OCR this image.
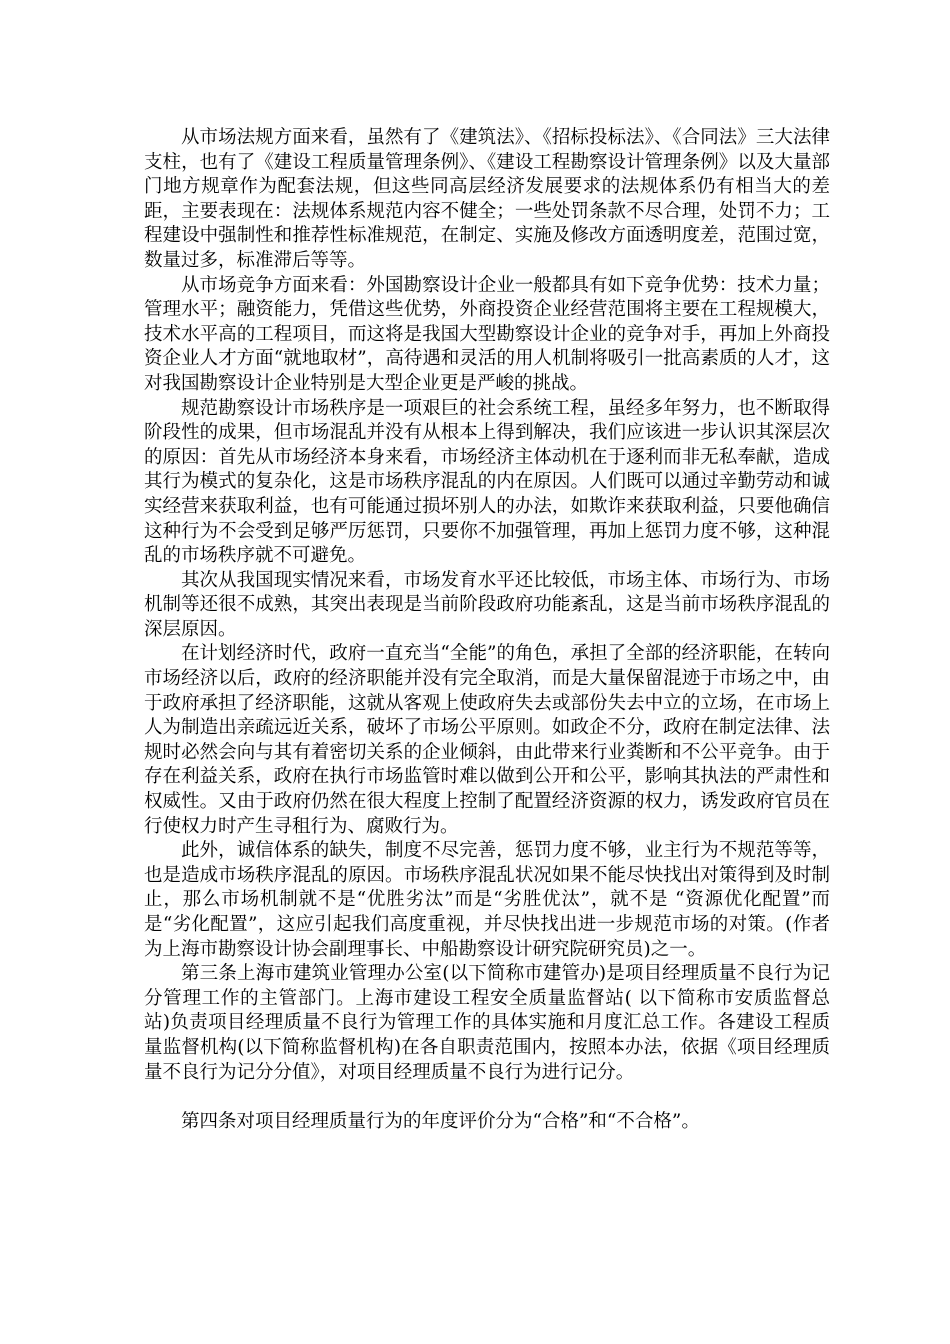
从市场法规方面来看，虽然有了《建筑法》、《招标投标法》、《合同法》三大法律支柱，也有了《建设工程质量管理条例》、《建设工程勘察设计管理条例》以及大量部门地方规章作为配套法规，但这些同高层经济发展要求的法规体系仍有相当大的差距，主要表现在：法规体系规范内容不健全；一些处罚条款不尽合理，处罚不力；工程建设中强制性和推荐性标准规范，在制定、实施及修改方面透明度差，范围过宽，数量过多，标准滞后等等。

从市场竞争方面来看：外国勘察设计企业一般都具有如下竞争优势：技术力量；管理水平；融资能力，凭借这些优势，外商投资企业经营范围将主要在工程规模大，技术水平高的工程项目，而这将是我国大型勘察设计企业的竞争对手，再加上外商投资企业人才方面“就地取材”，高待遇和灵活的用人机制将吸引一批高素质的人才，这对我国勘察设计企业特别是大型企业更是严峻的挑战。

规范勘察设计市场秩序是一项艰巨的社会系统工程，虽经多年努力，也不断取得阶段性的成果，但市场混乱并没有从根本上得到解决，我们应该进一步认识其深层次的原因：首先从市场经济本身来看，市场经济主体动机在于逐利而非无私奉献，造成其行为模式的复杂化，这是市场秩序混乱的内在原因。人们既可以通过辛勤劳动和诚实经营来获取利益，也有可能通过损坏别人的办法，如欺诈来获取利益，只要他确信这种行为不会受到足够严厉惩罚，只要你不加强管理，再加上惩罚力度不够，这种混乱的市场秩序就不可避免。

其次从我国现实情况来看，市场发育水平还比较低，市场主体、市场行为、市场机制等还很不成熟，其突出表现是当前阶段政府功能紊乱，这是当前市场秩序混乱的深层原因。

在计划经济时代，政府一直充当“全能”的角色，承担了全部的经济职能，在转向市场经济以后，政府的经济职能并没有完全取消，而是大量保留混迹于市场之中，由于政府承担了经济职能，这就从客观上使政府失去或部份失去中立的立场，在市场上人为制造出亲疏远近关系，破坏了市场公平原则。如政企不分，政府在制定法律、法规时必然会向与其有着密切关系的企业倾斜，由此带来行业粪断和不公平竞争。由于存在利益关系，政府在执行市场监管时难以做到公开和公平，影响其执法的严肃性和权威性。又由于政府仍然在很大程度上控制了配置经济资源的权力，诱发政府官员在行使权力时产生寻租行为、腐败行为。

此外，诚信体系的缺失，制度不尽完善，惩罚力度不够，业主行为不规范等等，也是造成市场秩序混乱的原因。市场秩序混乱状况如果不能尽快找出对策得到及时制止，那么市场机制就不是“优胜劣汰”而是“劣胜优汰”，就不是 “资源优化配置”而是“劣化配置”，这应引起我们高度重视，并尽快找出进一步规范市场的对策。(作者为上海市勘察设计协会副理事长、中船勘察设计研究院研究员)之一。

第三条上海市建筑业管理办公室(以下简称市建管办)是项目经理质量不良行为记分管理工作的主管部门。上海市建设工程安全质量监督站( 以下简称市安质监督总站)负责项目经理质量不良行为管理工作的具体实施和月度汇总工作。各建设工程质量监督机构(以下简称监督机构)在各自职责范围内，按照本办法，依据《项目经理质量不良行为记分分值》，对项目经理质量不良行为进行记分。

第四条对项目经理质量行为的年度评价分为“合格”和“不合格”。
